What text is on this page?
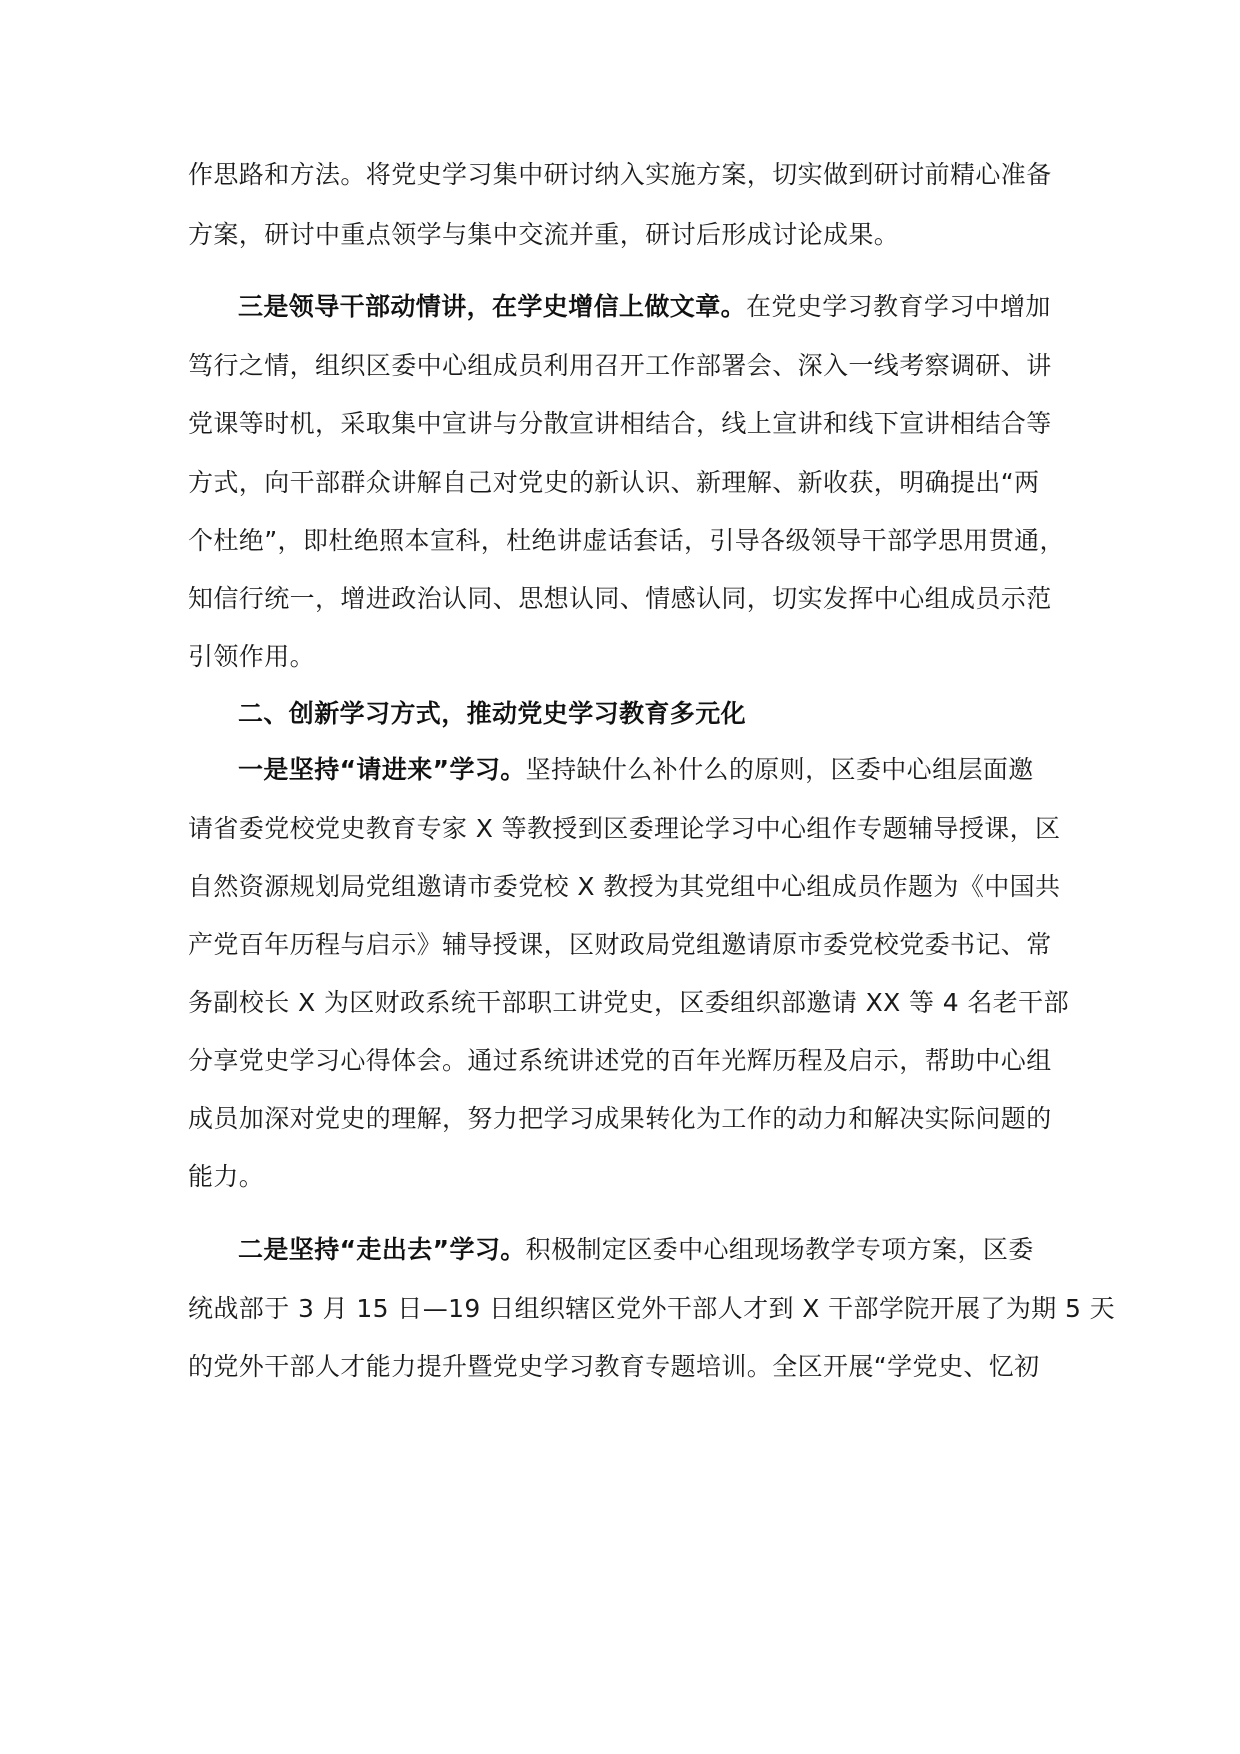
作思路和方法。将党史学习集中研讨纳入实施方案，切实做到研讨前精心准备
方案，研讨中重点领学与集中交流并重，研讨后形成讨论成果。
三是领导干部动情讲，在学史增信上做文章。在党史学习教育学习中增加
笃行之情，组织区委中心组成员利用召开工作部署会、深入一线考察调研、讲
党课等时机，采取集中宣讲与分散宣讲相结合，线上宣讲和线下宣讲相结合等
方式，向干部群众讲解自己对党史的新认识、新理解、新收获，明确提出“两
个杜绝”，即杜绝照本宣科，杜绝讲虚话套话，引导各级领导干部学思用贯通，
知信行统一，增进政治认同、思想认同、情感认同，切实发挥中心组成员示范
引领作用。
二、创新学习方式，推动党史学习教育多元化
一是坚持“请进来”学习。坚持缺什么补什么的原则，区委中心组层面邀
请省委党校党史教育专家 X 等教授到区委理论学习中心组作专题辅导授课，区
自然资源规划局党组邀请市委党校 X 教授为其党组中心组成员作题为《中国共
产党百年历程与启示》辅导授课，区财政局党组邀请原市委党校党委书记、常
务副校长 X 为区财政系统干部职工讲党史，区委组织部邀请 XX 等 4 名老干部
分享党史学习心得体会。通过系统讲述党的百年光辉历程及启示，帮助中心组
成员加深对党史的理解，努力把学习成果转化为工作的动力和解决实际问题的
能力。
二是坚持“走出去”学习。积极制定区委中心组现场教学专项方案，区委
统战部于 3 月 15 日—19 日组织辖区党外干部人才到 X 干部学院开展了为期 5 天
的党外干部人才能力提升暨党史学习教育专题培训。全区开展“学党史、忆初
